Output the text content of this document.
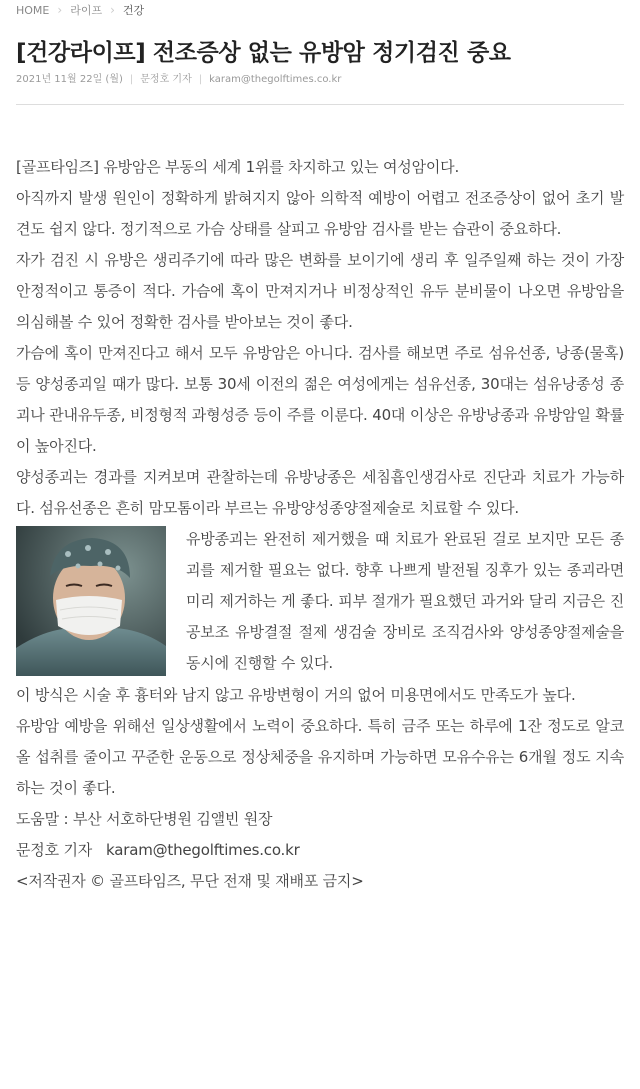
HOME › 라이프 › 건강
[건강라이프] 전조증상 없는 유방암 정기검진 중요
2021년 11월 22일 (월) | 문정호 기자 | karam@thegolftimes.co.kr

[골프타임즈] 유방암은 부동의 세계 1위를 차지하고 있는 여성암이다.

아직까지 발생 원인이 정확하게 밝혀지지 않아 의학적 예방이 어렵고 전조증상이 없어 초기 발견도 쉽지 않다. 정기적으로 가슴 상태를 살피고 유방암 검사를 받는 습관이 중요하다.

자가 검진 시 유방은 생리주기에 따라 많은 변화를 보이기에 생리 후 일주일째 하는 것이 가장 안정적이고 통증이 적다. 가슴에 혹이 만져지거나 비정상적인 유두 분비물이 나오면 유방암을 의심해볼 수 있어 정확한 검사를 받아보는 것이 좋다.

가슴에 혹이 만져진다고 해서 모두 유방암은 아니다. 검사를 해보면 주로 섬유선종, 낭종(물혹) 등 양성종괴일 때가 많다. 보통 30세 이전의 젊은 여성에게는 섬유선종, 30대는 섬유낭종성 종괴나 관내유두종, 비정형적 과형성증 등이 주를 이룬다. 40대 이상은 유방낭종과 유방암일 확률이 높아진다.

양성종괴는 경과를 지켜보며 관찰하는데 유방낭종은 세침흡인생검사로 진단과 치료가 가능하다. 섬유선종은 흔히 맘모톰이라 부르는 유방양성종양절제술로 치료할 수 있다.

유방종괴는 완전히 제거했을 때 치료가 완료된 걸로 보지만 모든 종괴를 제거할 필요는 없다. 향후 나쁘게 발전될 징후가 있는 종괴라면 미리 제거하는 게 좋다. 피부 절개가 필요했던 과거와 달리 지금은 진공보조 유방결절 절제 생검술 장비로 조직검사와 양성종양절제술을 동시에 진행할 수 있다.

이 방식은 시술 후 흉터와 남지 않고 유방변형이 거의 없어 미용면에서도 만족도가 높다.

유방암 예방을 위해선 일상생활에서 노력이 중요하다. 특히 금주 또는 하루에 1잔 정도로 알코올 섭취를 줄이고 꾸준한 운동으로 정상체중을 유지하며 가능하면 모유수유는 6개월 정도 지속하는 것이 좋다.

도움말 : 부산 서호하단병원 김앨빈 원장

문정호 기자 karam@thegolftimes.co.kr

<저작권자 © 골프타임즈, 무단 전재 및 재배포 금지>
